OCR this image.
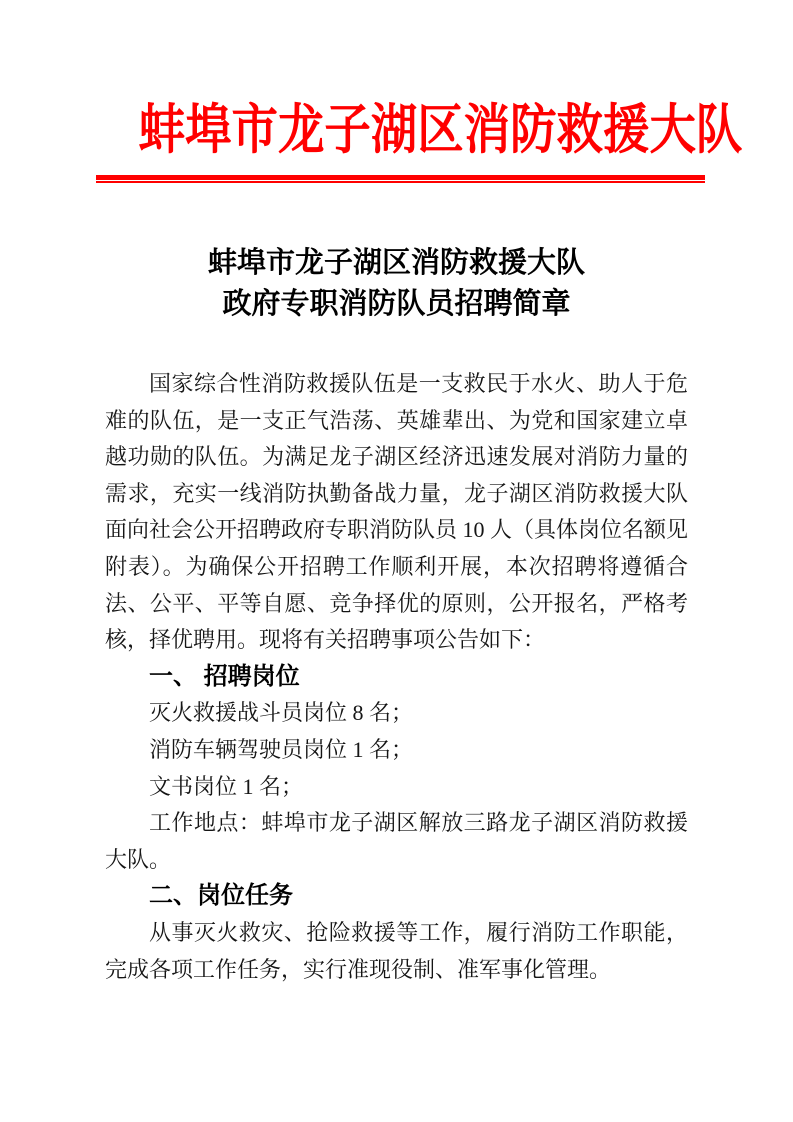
蚌埠市龙子湖区消防救援大队
蚌埠市龙子湖区消防救援大队
政府专职消防队员招聘简章

国家综合性消防救援队伍是一支救民于水火、助人于危难的队伍，是一支正气浩荡、英雄辈出、为党和国家建立卓越功勋的队伍。为满足龙子湖区经济迅速发展对消防力量的需求，充实一线消防执勤备战力量，龙子湖区消防救援大队面向社会公开招聘政府专职消防队员 10 人（具体岗位名额见附表）。为确保公开招聘工作顺利开展，本次招聘将遵循合法、公平、平等自愿、竞争择优的原则，公开报名，严格考核，择优聘用。现将有关招聘事项公告如下：

一、 招聘岗位

灭火救援战斗员岗位 8 名；

消防车辆驾驶员岗位 1 名；

文书岗位 1 名；

工作地点：蚌埠市龙子湖区解放三路龙子湖区消防救援大队。

二、岗位任务

从事灭火救灾、抢险救援等工作，履行消防工作职能，完成各项工作任务，实行准现役制、准军事化管理。
